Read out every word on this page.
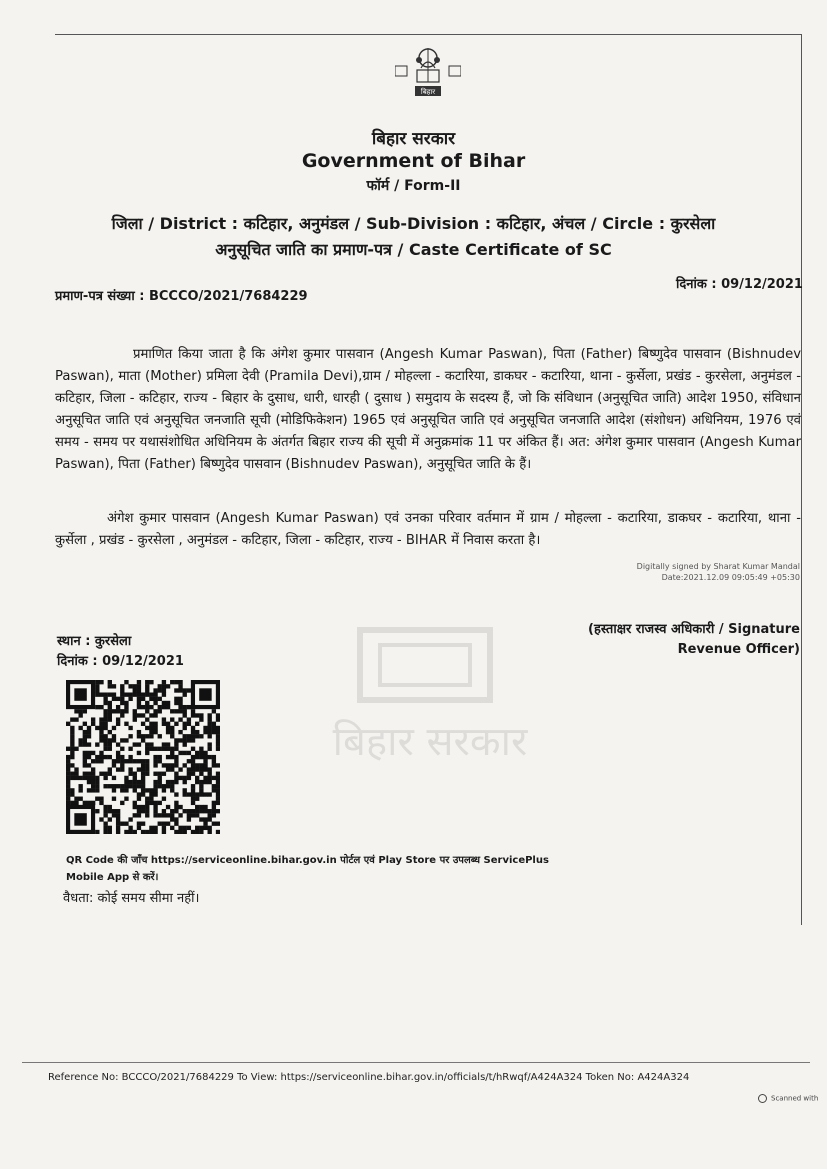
बिहार
बिहार सरकार
Government of Bihar
फॉर्म / Form-II
जिला / District : कटिहार, अनुमंडल / Sub-Division : कटिहार, अंचल / Circle : कुरसेला
अनुसूचित जाति का प्रमाण-पत्र / Caste Certificate of SC
दिनांक : 09/12/2021
प्रमाण-पत्र संख्या : BCCCO/2021/7684229
बिहार सरकार
प्रमाणित किया जाता है कि अंगेश कुमार पासवान (Angesh Kumar Paswan), पिता (Father) बिष्णुदेव पासवान (Bishnudev Paswan), माता (Mother) प्रमिला देवी (Pramila Devi),ग्राम / मोहल्ला - कटारिया, डाकघर - कटारिया, थाना - कुर्सेला, प्रखंड - कुरसेला, अनुमंडल - कटिहार, जिला - कटिहार, राज्य - बिहार के दुसाध, धारी, धारही ( दुसाध ) समुदाय के सदस्य हैं, जो कि संविधान (अनुसूचित जाति) आदेश 1950, संविधान अनुसूचित जाति एवं अनुसूचित जनजाति सूची (मोडिफिकेशन) 1965 एवं अनुसूचित जाति एवं अनुसूचित जनजाति आदेश (संशोधन) अधिनियम, 1976 एवं समय - समय पर यथासंशोधित अधिनियम के अंतर्गत बिहार राज्य की सूची में अनुक्रमांक 11 पर अंकित हैं। अत: अंगेश कुमार पासवान (Angesh Kumar Paswan), पिता (Father) बिष्णुदेव पासवान (Bishnudev Paswan), अनुसूचित जाति के हैं।
अंगेश कुमार पासवान (Angesh Kumar Paswan) एवं उनका परिवार वर्तमान में ग्राम / मोहल्ला - कटारिया, डाकघर - कटारिया, थाना - कुर्सेला , प्रखंड - कुरसेला , अनुमंडल - कटिहार, जिला - कटिहार, राज्य - BIHAR में निवास करता है।
Digitally signed by Sharat Kumar Mandal
Date:2021.12.09 09:05:49 +05:30
स्थान : कुरसेला
दिनांक : 09/12/2021
(हस्ताक्षर राजस्व अधिकारी / Signature
Revenue Officer)
QR Code की जाँच https://serviceonline.bihar.gov.in पोर्टल एवं Play Store पर उपलब्ध ServicePlus
Mobile App से करें।
वैधता: कोई समय सीमा नहीं।
Reference No: BCCCO/2021/7684229 To View: https://serviceonline.bihar.gov.in/officials/t/hRwqf/A424A324 Token No: A424A324
Scanned with
